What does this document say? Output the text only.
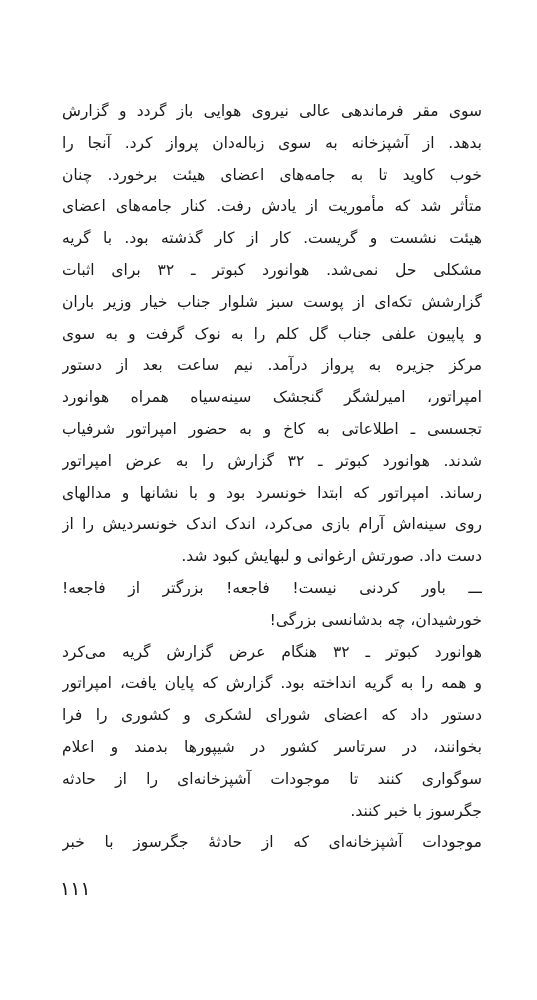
سوی مقر فرماندهی عالی نیروی هوایی باز گردد و گزارش
بدهد. از آشپزخانه به سوی زباله‌دان پرواز کرد. آنجا را
خوب کاوید تا به جامه‌های اعضای هیئت برخورد. چنان
متأثر شد که مأموریت از یادش رفت. کنار جامه‌های اعضای
هیئت نشست و گریست. کار از کار گذشته بود. با گریه
مشکلی حل نمی‌شد. هوانورد کبوتر ـ ۳۲ برای اثبات
گزارشش تکه‌ای از پوست سبز شلوار جناب خیار وزیر باران
و پاپیون علفی جناب گل کلم را به نوک گرفت و به سوی
مرکز جزیره به پرواز درآمد. نیم ساعت بعد از دستور
امپراتور، امیرلشگر گنجشک سینه‌سیاه همراه هوانورد
تجسسی ـ اطلاعاتی به کاخ و به حضور امپراتور شرفیاب
شدند. هوانورد کبوتر ـ ۳۲ گزارش را به عرض امپراتور
رساند. امپراتور که ابتدا خونسرد بود و با نشانها و مدالهای
روی سینه‌اش آرام بازی می‌کرد، اندک اندک خونسردیش را از
دست داد. صورتش ارغوانی و لبهایش کبود شد.
ـــ باور کردنی نیست! فاجعه! بزرگتر از فاجعه!
خورشیدان، چه بدشانسی بزرگی!
هوانورد کبوتر ـ ۳۲ هنگام عرض گزارش گریه می‌کرد
و همه را به گریه انداخته بود. گزارش که پایان یافت، امپراتور
دستور داد که اعضای شورای لشکری و کشوری را فرا
بخوانند، در سرتاسر کشور در شیپورها بدمند و اعلام
سوگواری کنند تا موجودات آشپزخانه‌ای را از حادثه
جگرسوز با خبر کنند.
موجودات آشپزخانه‌ای که از حادثهٔ جگرسوز با خبر
۱۱۱
